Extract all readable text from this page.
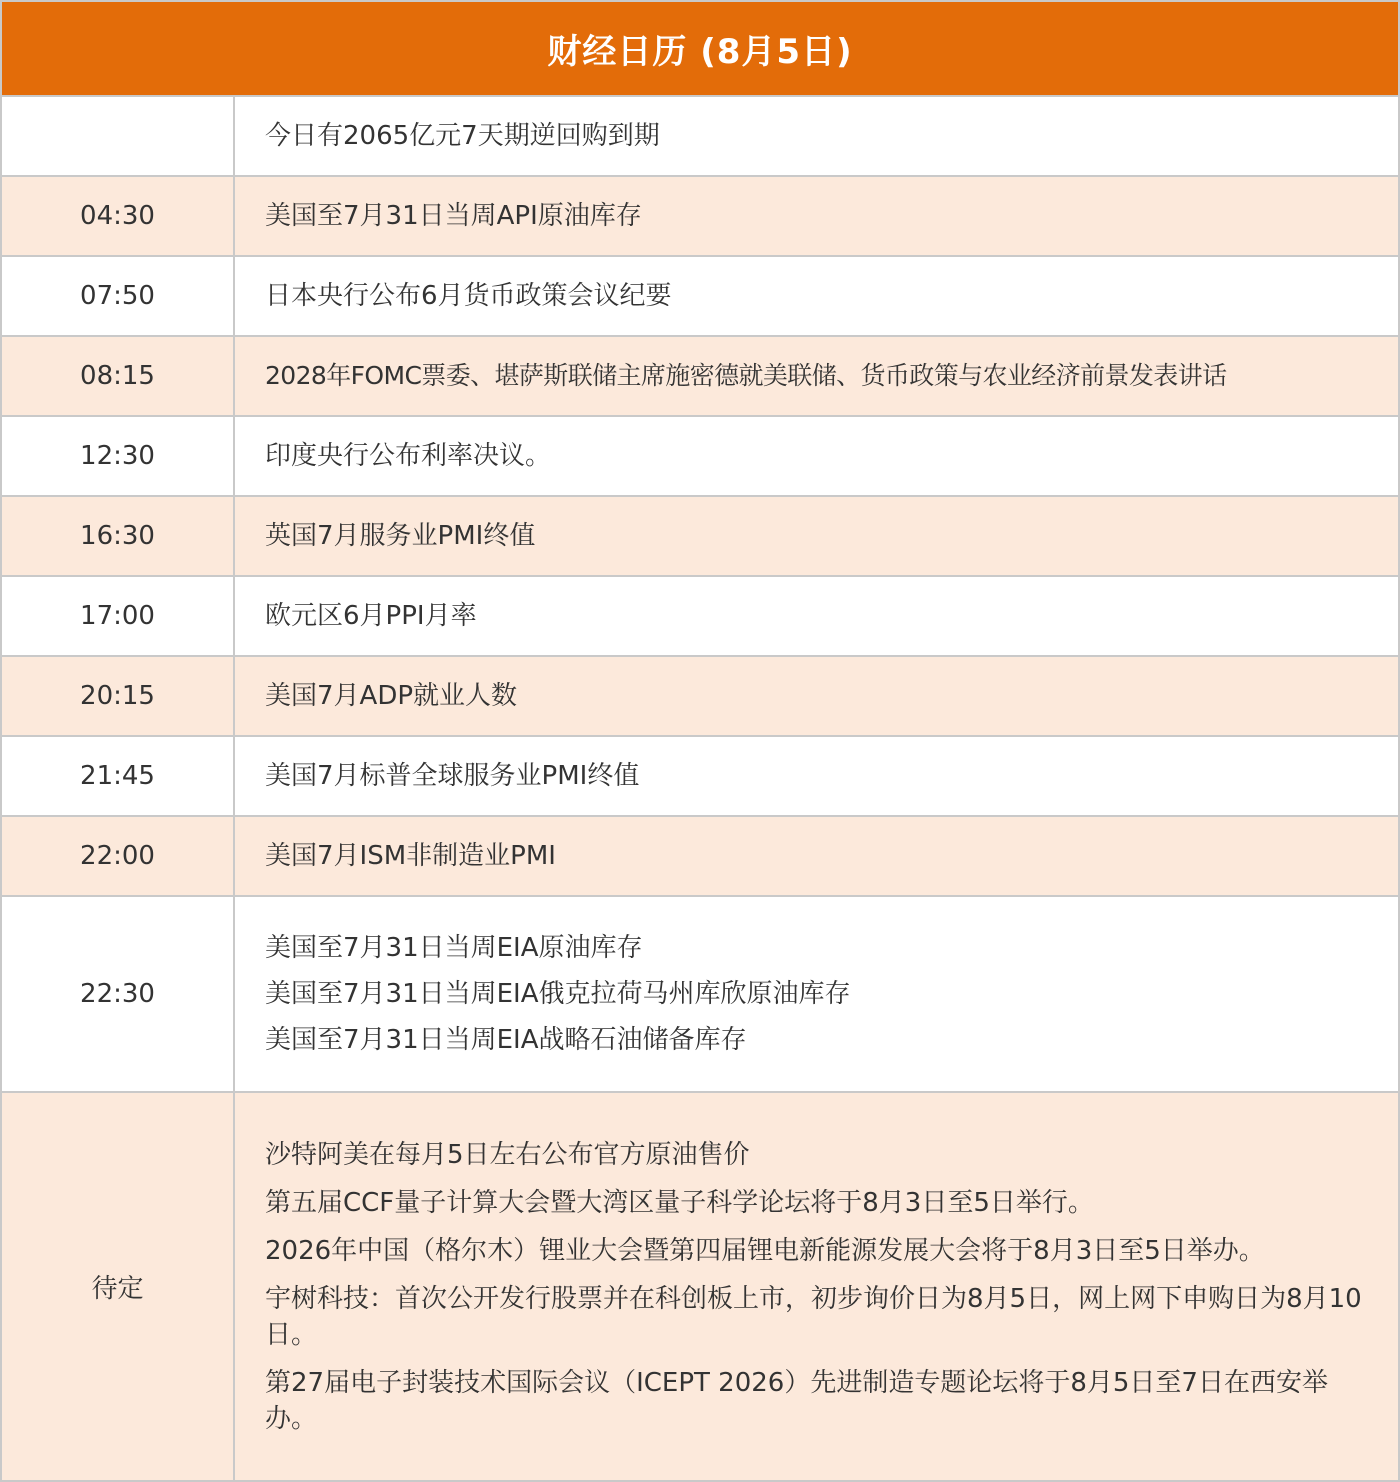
财经日历 (8月5日)

	今日有2065亿元7天期逆回购到期

04:30	美国至7月31日当周API原油库存

07:50	日本央行公布6月货币政策会议纪要

08:15	2028年FOMC票委、堪萨斯联储主席施密德就美联储、货币政策与农业经济前景发表讲话

12:30	印度央行公布利率决议。

16:30	英国7月服务业PMI终值

17:00	欧元区6月PPI月率

20:15	美国7月ADP就业人数

21:45	美国7月标普全球服务业PMI终值

22:00	美国7月ISM非制造业PMI

22:30	美国至7月31日当周EIA原油库存
美国至7月31日当周EIA俄克拉荷马州库欣原油库存
美国至7月31日当周EIA战略石油储备库存

待定	沙特阿美在每月5日左右公布官方原油售价
第五届CCF量子计算大会暨大湾区量子科学论坛将于8月3日至5日举行。
2026年中国（格尔木）锂业大会暨第四届锂电新能源发展大会将于8月3日至5日举办。
宇树科技：首次公开发行股票并在科创板上市，初步询价日为8月5日，网上网下申购日为8月10日。
第27届电子封装技术国际会议（ICEPT 2026）先进制造专题论坛将于8月5日至7日在西安举办。
